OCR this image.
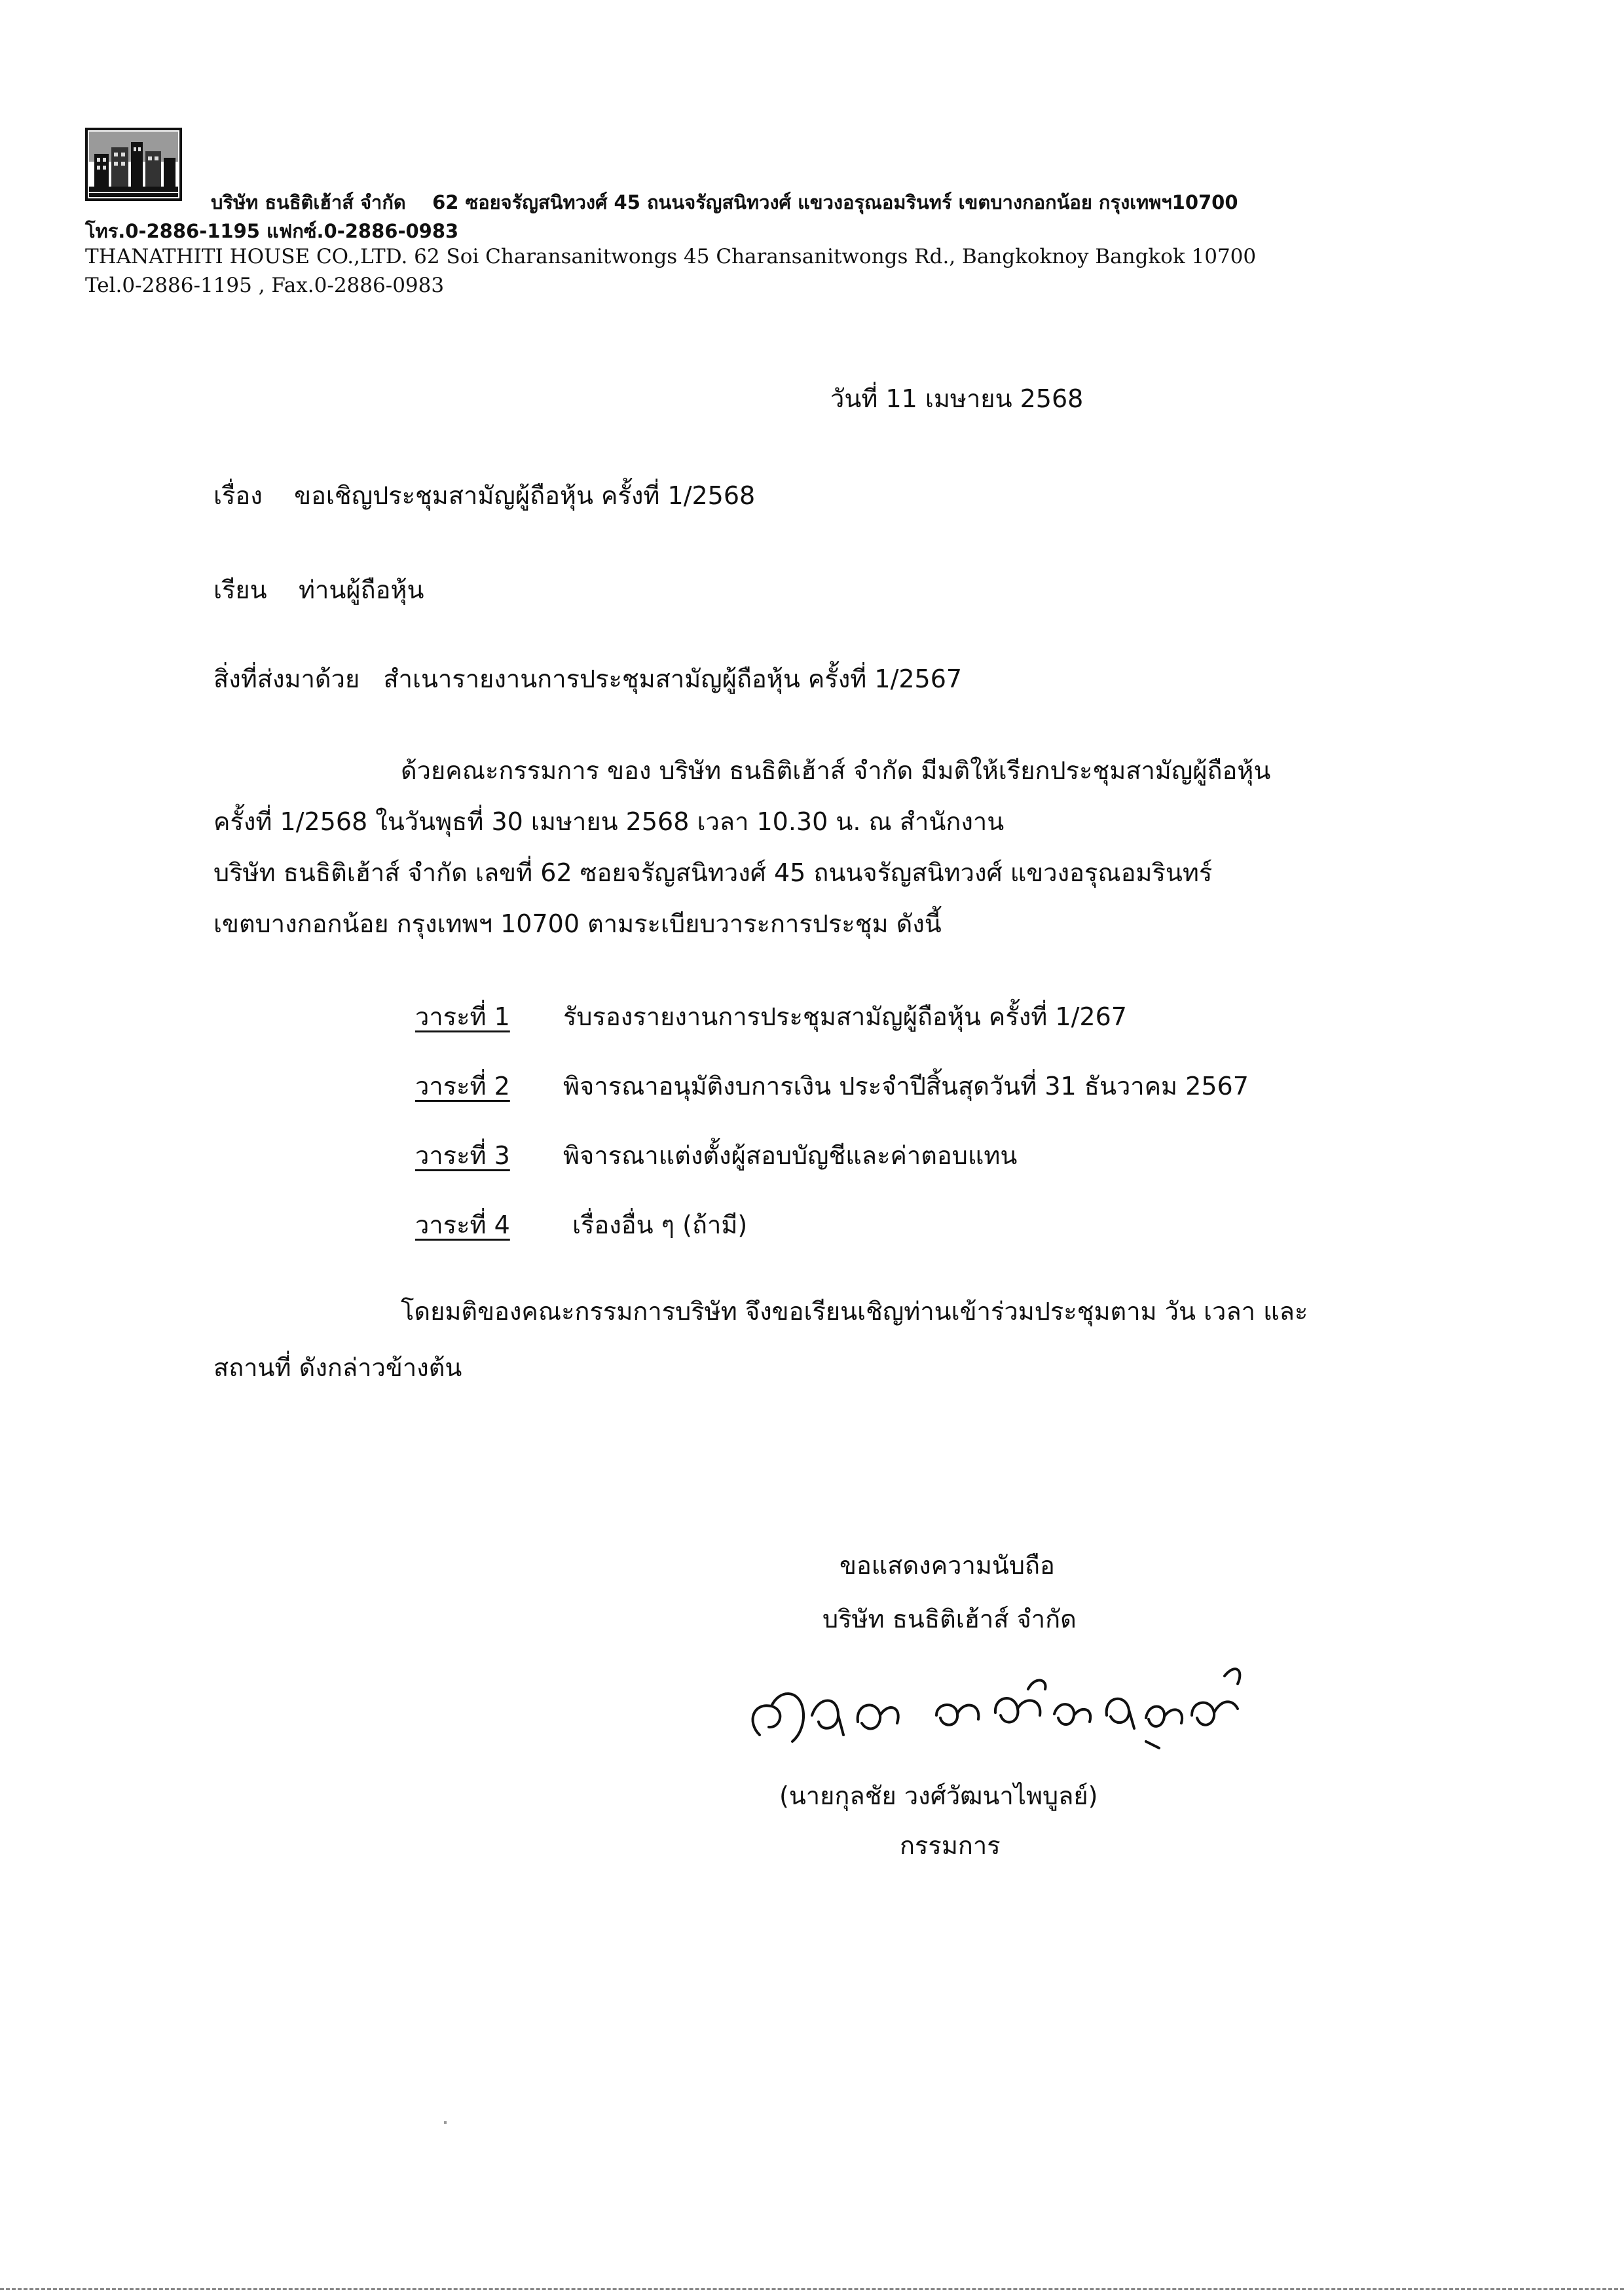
บริษัท ธนธิติเฮ้าส์ จำกัด 62 ซอยจรัญสนิทวงศ์ 45 ถนนจรัญสนิทวงศ์ แขวงอรุณอมรินทร์ เขตบางกอกน้อย กรุงเทพฯ10700
โทร.0-2886-1195 แฟกซ์.0-2886-0983
THANATHITI HOUSE CO.,LTD. 62 Soi Charansanitwongs 45 Charansanitwongs Rd., Bangkoknoy Bangkok 10700
Tel.0-2886-1195 , Fax.0-2886-0983
วันที่ 11 เมษายน 2568
เรื่อง ขอเชิญประชุมสามัญผู้ถือหุ้น ครั้งที่ 1/2568
เรียน ท่านผู้ถือหุ้น
สิ่งที่ส่งมาด้วย สำเนารายงานการประชุมสามัญผู้ถือหุ้น ครั้งที่ 1/2567
ด้วยคณะกรรมการ ของ บริษัท ธนธิติเฮ้าส์ จำกัด มีมติให้เรียกประชุมสามัญผู้ถือหุ้น
ครั้งที่ 1/2568 ในวันพุธที่ 30 เมษายน 2568 เวลา 10.30 น. ณ สำนักงาน
บริษัท ธนธิติเฮ้าส์ จำกัด เลขที่ 62 ซอยจรัญสนิทวงศ์ 45 ถนนจรัญสนิทวงศ์ แขวงอรุณอมรินทร์
เขตบางกอกน้อย กรุงเทพฯ 10700 ตามระเบียบวาระการประชุม ดังนี้
วาระที่ 1 รับรองรายงานการประชุมสามัญผู้ถือหุ้น ครั้งที่ 1/267
วาระที่ 2 พิจารณาอนุมัติงบการเงิน ประจำปีสิ้นสุดวันที่ 31 ธันวาคม 2567
วาระที่ 3 พิจารณาแต่งตั้งผู้สอบบัญชีและค่าตอบแทน
วาระที่ 4	เรื่องอื่น ๆ (ถ้ามี)
โดยมติของคณะกรรมการบริษัท จึงขอเรียนเชิญท่านเข้าร่วมประชุมตาม วัน เวลา และ
สถานที่ ดังกล่าวข้างต้น
ขอแสดงความนับถือ
บริษัท ธนธิติเฮ้าส์ จำกัด
(นายกุลชัย วงศ์วัฒนาไพบูลย์)
กรรมการ
